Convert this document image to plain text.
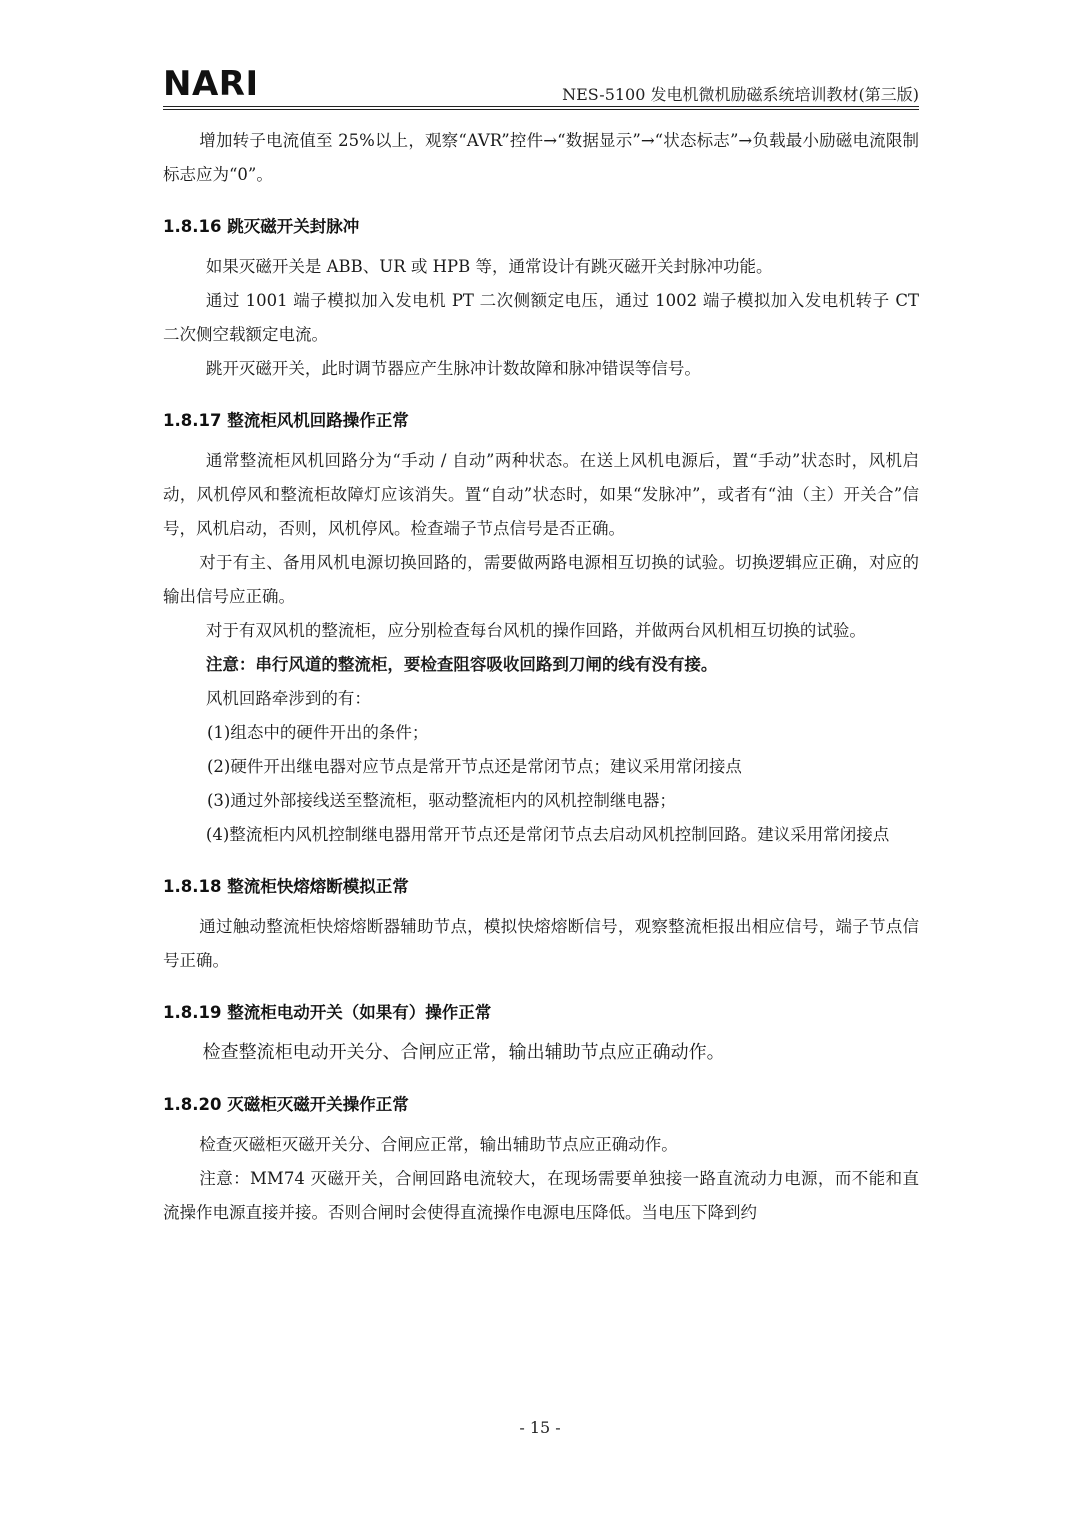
NARI	NES-5100 发电机微机励磁系统培训教材(第三版)

增加转子电流值至 25%以上，观察“AVR”控件→“数据显示”→“状态标志”→负载最小励磁电流限制标志应为“0”。

1.8.16 跳灭磁开关封脉冲

如果灭磁开关是 ABB、UR 或 HPB 等，通常设计有跳灭磁开关封脉冲功能。

通过 1001 端子模拟加入发电机 PT 二次侧额定电压，通过 1002 端子模拟加入发电机转子 CT 二次侧空载额定电流。

跳开灭磁开关，此时调节器应产生脉冲计数故障和脉冲错误等信号。

1.8.17 整流柜风机回路操作正常

通常整流柜风机回路分为“手动 / 自动”两种状态。在送上风机电源后，置“手动”状态时，风机启动，风机停风和整流柜故障灯应该消失。置“自动”状态时，如果“发脉冲”，或者有“油（主）开关合”信号，风机启动，否则，风机停风。检查端子节点信号是否正确。

对于有主、备用风机电源切换回路的，需要做两路电源相互切换的试验。切换逻辑应正确，对应的输出信号应正确。

对于有双风机的整流柜，应分别检查每台风机的操作回路，并做两台风机相互切换的试验。

注意：串行风道的整流柜，要检查阻容吸收回路到刀闸的线有没有接。

风机回路牵涉到的有：

(1)组态中的硬件开出的条件；

(2)硬件开出继电器对应节点是常开节点还是常闭节点；建议采用常闭接点

(3)通过外部接线送至整流柜，驱动整流柜内的风机控制继电器；

(4)整流柜内风机控制继电器用常开节点还是常闭节点去启动风机控制回路。建议采用常闭接点

1.8.18 整流柜快熔熔断模拟正常

通过触动整流柜快熔熔断器辅助节点，模拟快熔熔断信号，观察整流柜报出相应信号，端子节点信号正确。

1.8.19 整流柜电动开关（如果有）操作正常

检查整流柜电动开关分、合闸应正常，输出辅助节点应正确动作。

1.8.20 灭磁柜灭磁开关操作正常

检查灭磁柜灭磁开关分、合闸应正常，输出辅助节点应正确动作。

注意：MM74 灭磁开关，合闸回路电流较大，在现场需要单独接一路直流动力电源，而不能和直流操作电源直接并接。否则合闸时会使得直流操作电源电压降低。当电压下降到约

- 15 -
